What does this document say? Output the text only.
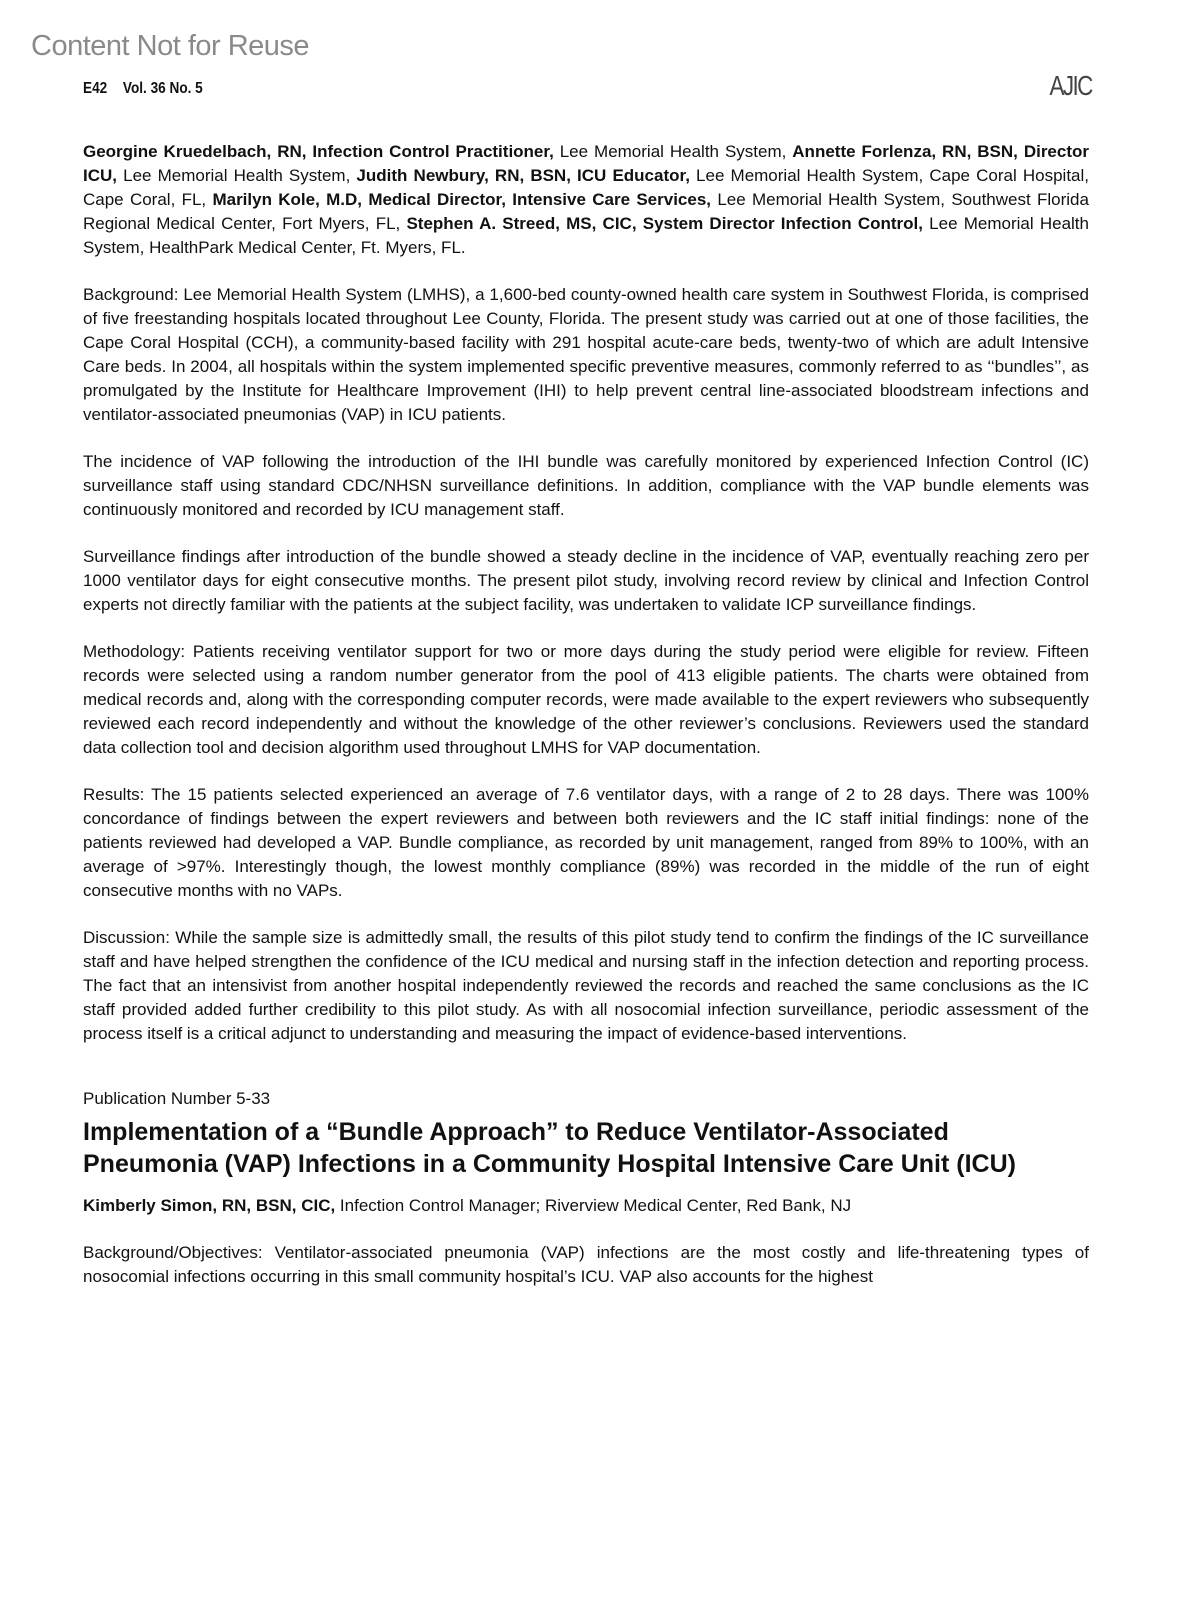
Content Not for Reuse
E42 Vol. 36 No. 5	AJIC

Georgine Kruedelbach, RN, Infection Control Practitioner, Lee Memorial Health System, Annette Forlenza, RN, BSN, Director ICU, Lee Memorial Health System, Judith Newbury, RN, BSN, ICU Educator, Lee Memorial Health System, Cape Coral Hospital, Cape Coral, FL, Marilyn Kole, M.D, Medical Director, Intensive Care Services, Lee Memorial Health System, Southwest Florida Regional Medical Center, Fort Myers, FL, Stephen A. Streed, MS, CIC, System Director Infection Control, Lee Memorial Health System, HealthPark Medical Center, Ft. Myers, FL.

Background: Lee Memorial Health System (LMHS), a 1,600-bed county-owned health care system in Southwest Florida, is comprised of five freestanding hospitals located throughout Lee County, Florida. The present study was carried out at one of those facilities, the Cape Coral Hospital (CCH), a community-based facility with 291 hospital acute-care beds, twenty-two of which are adult Intensive Care beds. In 2004, all hospitals within the system implemented specific preventive measures, commonly referred to as ‘‘bundles’’, as promulgated by the Institute for Healthcare Improvement (IHI) to help prevent central line-associated bloodstream infections and ventilator-associated pneumonias (VAP) in ICU patients.

The incidence of VAP following the introduction of the IHI bundle was carefully monitored by experienced Infection Control (IC) surveillance staff using standard CDC/NHSN surveillance definitions. In addition, compliance with the VAP bundle elements was continuously monitored and recorded by ICU management staff.

Surveillance findings after introduction of the bundle showed a steady decline in the incidence of VAP, eventually reaching zero per 1000 ventilator days for eight consecutive months. The present pilot study, involving record review by clinical and Infection Control experts not directly familiar with the patients at the subject facility, was undertaken to validate ICP surveillance findings.

Methodology: Patients receiving ventilator support for two or more days during the study period were eligible for review. Fifteen records were selected using a random number generator from the pool of 413 eligible patients. The charts were obtained from medical records and, along with the corresponding computer records, were made available to the expert reviewers who subsequently reviewed each record independently and without the knowledge of the other reviewer’s conclusions. Reviewers used the standard data collection tool and decision algorithm used throughout LMHS for VAP documentation.

Results: The 15 patients selected experienced an average of 7.6 ventilator days, with a range of 2 to 28 days. There was 100% concordance of findings between the expert reviewers and between both reviewers and the IC staff initial findings: none of the patients reviewed had developed a VAP. Bundle compliance, as recorded by unit management, ranged from 89% to 100%, with an average of >97%. Interestingly though, the lowest monthly compliance (89%) was recorded in the middle of the run of eight consecutive months with no VAPs.

Discussion: While the sample size is admittedly small, the results of this pilot study tend to confirm the findings of the IC surveillance staff and have helped strengthen the confidence of the ICU medical and nursing staff in the infection detection and reporting process. The fact that an intensivist from another hospital independently reviewed the records and reached the same conclusions as the IC staff provided added further credibility to this pilot study. As with all nosocomial infection surveillance, periodic assessment of the process itself is a critical adjunct to understanding and measuring the impact of evidence-based interventions.

Publication Number 5-33
Implementation of a “Bundle Approach” to Reduce Ventilator-Associated Pneumonia (VAP) Infections in a Community Hospital Intensive Care Unit (ICU)

Kimberly Simon, RN, BSN, CIC, Infection Control Manager; Riverview Medical Center, Red Bank, NJ

Background/Objectives: Ventilator-associated pneumonia (VAP) infections are the most costly and life-threatening types of nosocomial infections occurring in this small community hospital’s ICU. VAP also accounts for the highest
